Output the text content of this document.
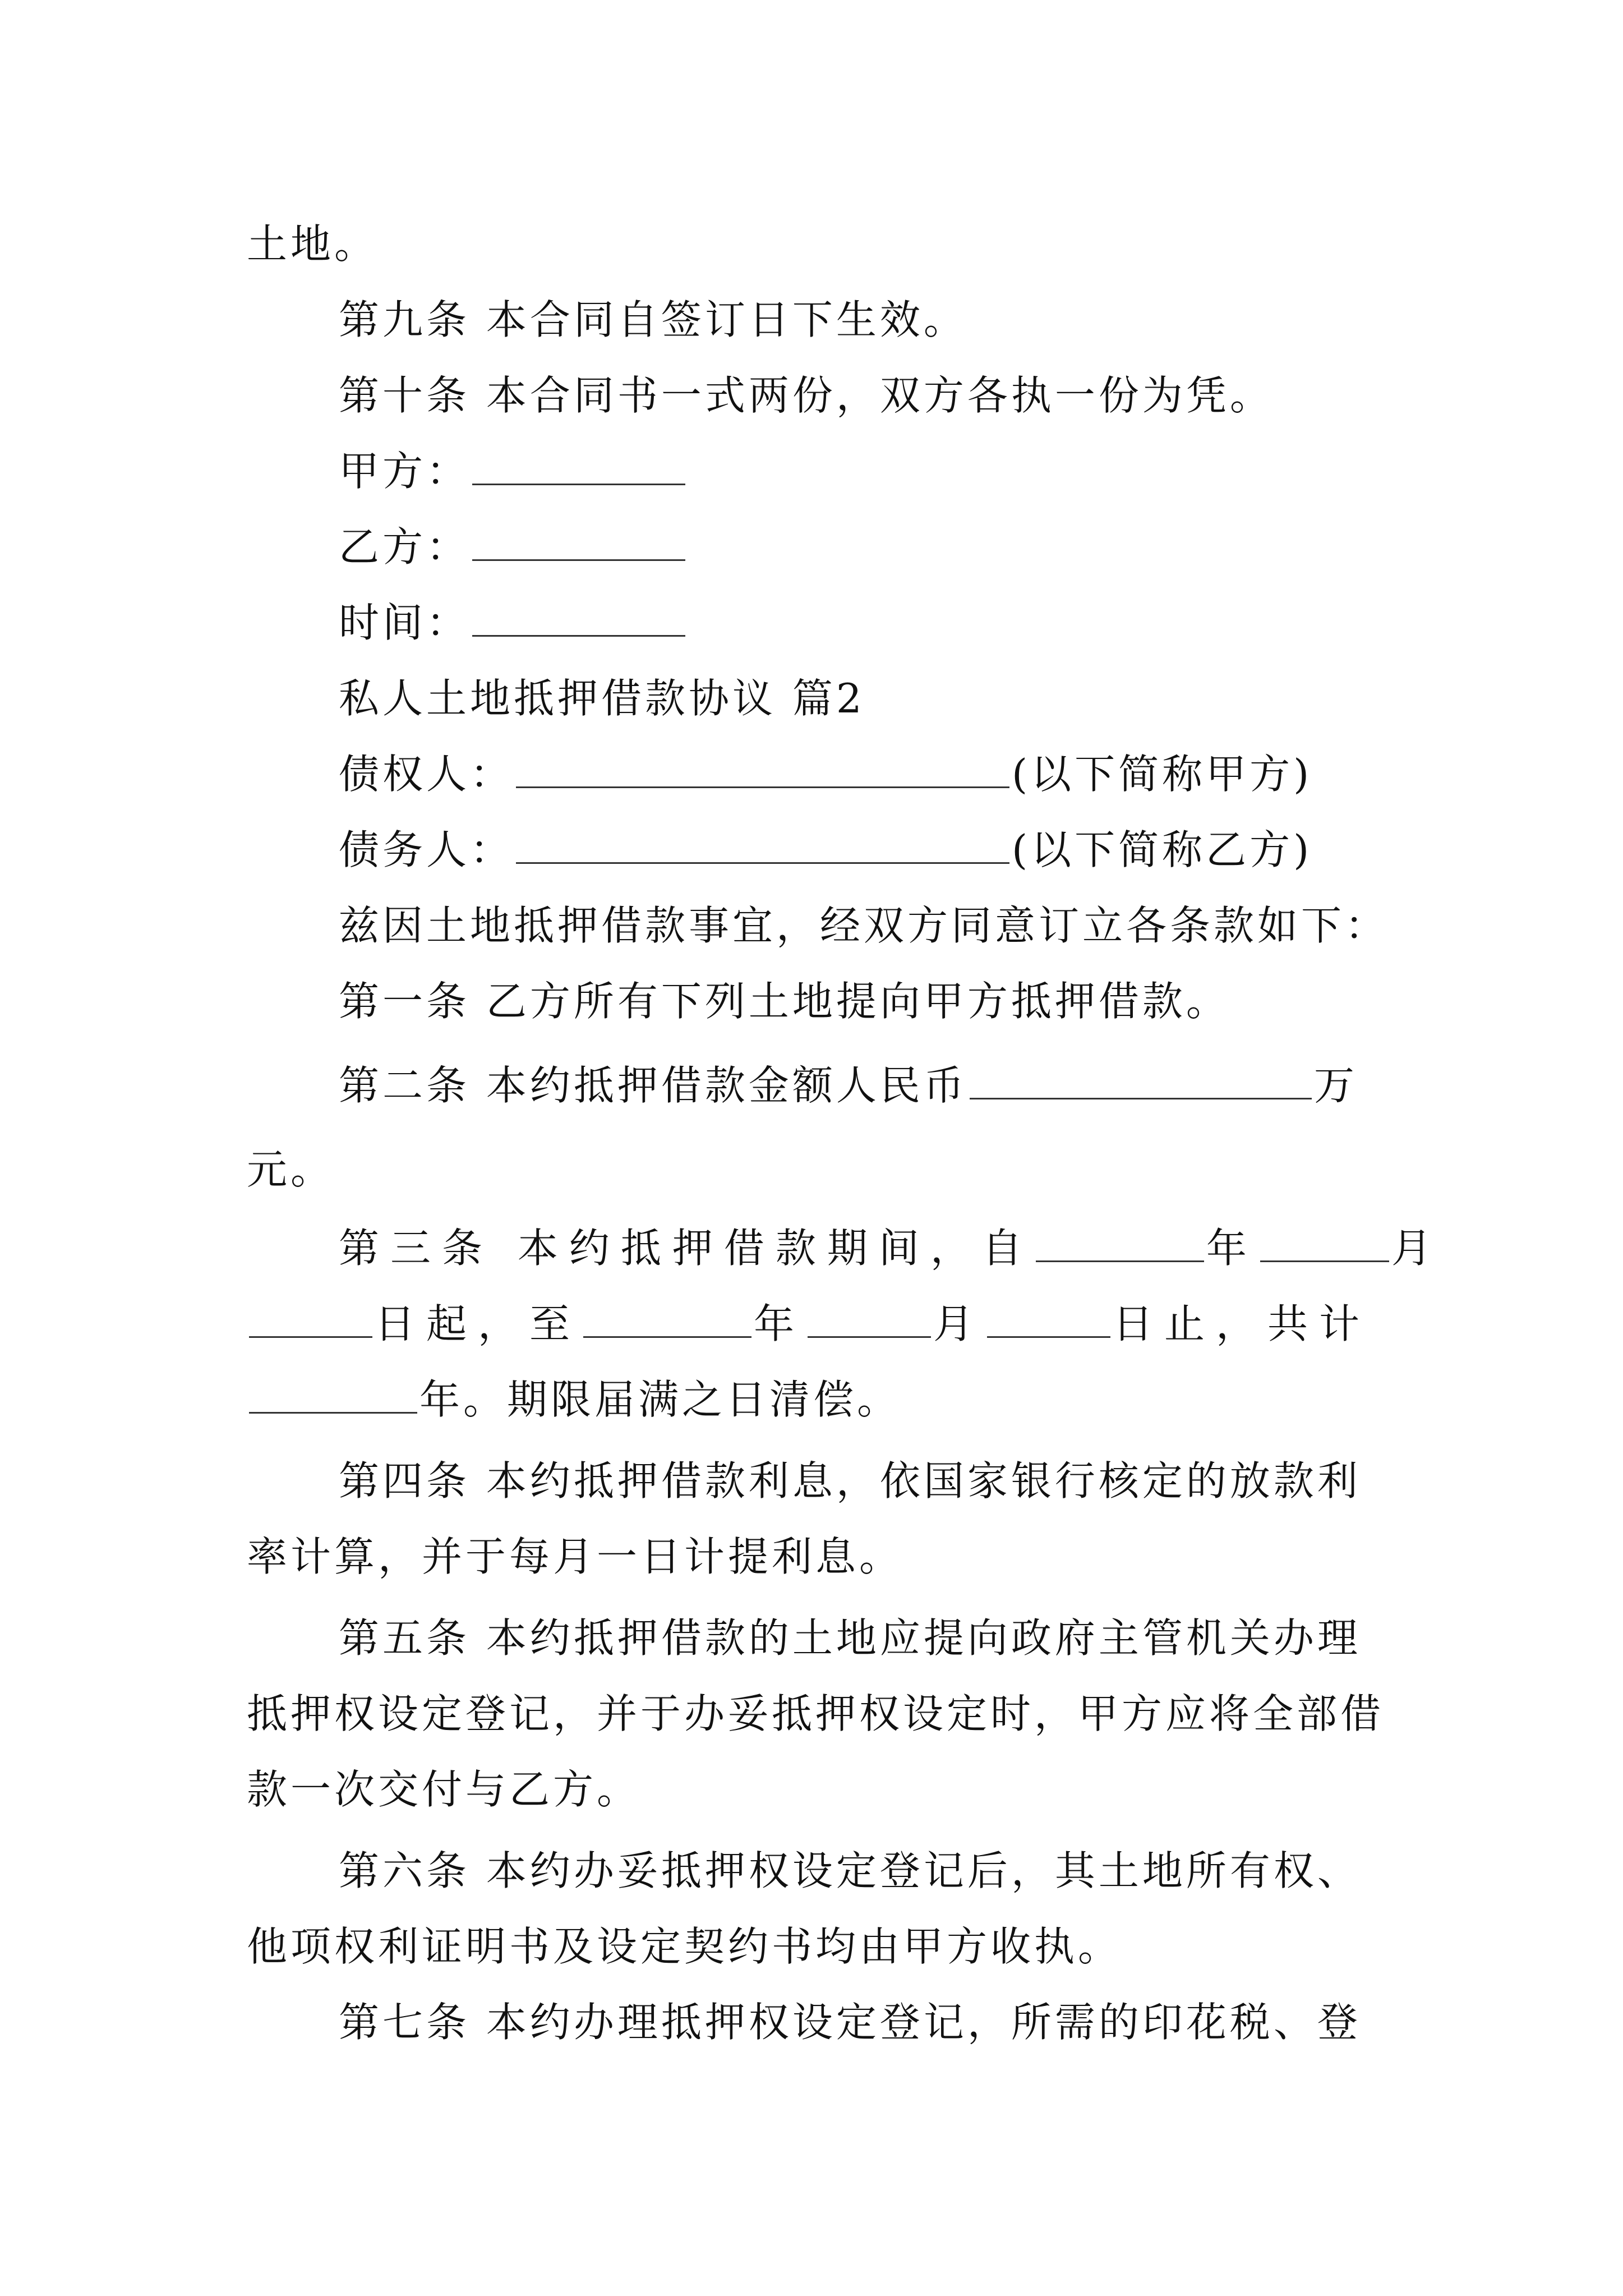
土地。
第九条 本合同自签订日下生效。
第十条 本合同书一式两份，双方各执一份为凭。
甲方：
乙方：
时间：
私人土地抵押借款协议 篇2
债权人：	(以下简称甲方)
债务人：	(以下简称乙方)
兹因土地抵押借款事宜，经双方同意订立各条款如下：
第一条 乙方所有下列土地提向甲方抵押借款。
第二条 本约抵押借款金额人民币	万
元。
第三条 本约抵押借款期间，自	年	月
日起，至	年	月	日止，共计
年。期限届满之日清偿。
第四条 本约抵押借款利息，依国家银行核定的放款利
率计算，并于每月一日计提利息。
第五条 本约抵押借款的土地应提向政府主管机关办理
抵押权设定登记，并于办妥抵押权设定时，甲方应将全部借
款一次交付与乙方。
第六条 本约办妥抵押权设定登记后，其土地所有权、
他项权利证明书及设定契约书均由甲方收执。
第七条 本约办理抵押权设定登记，所需的印花税、登
